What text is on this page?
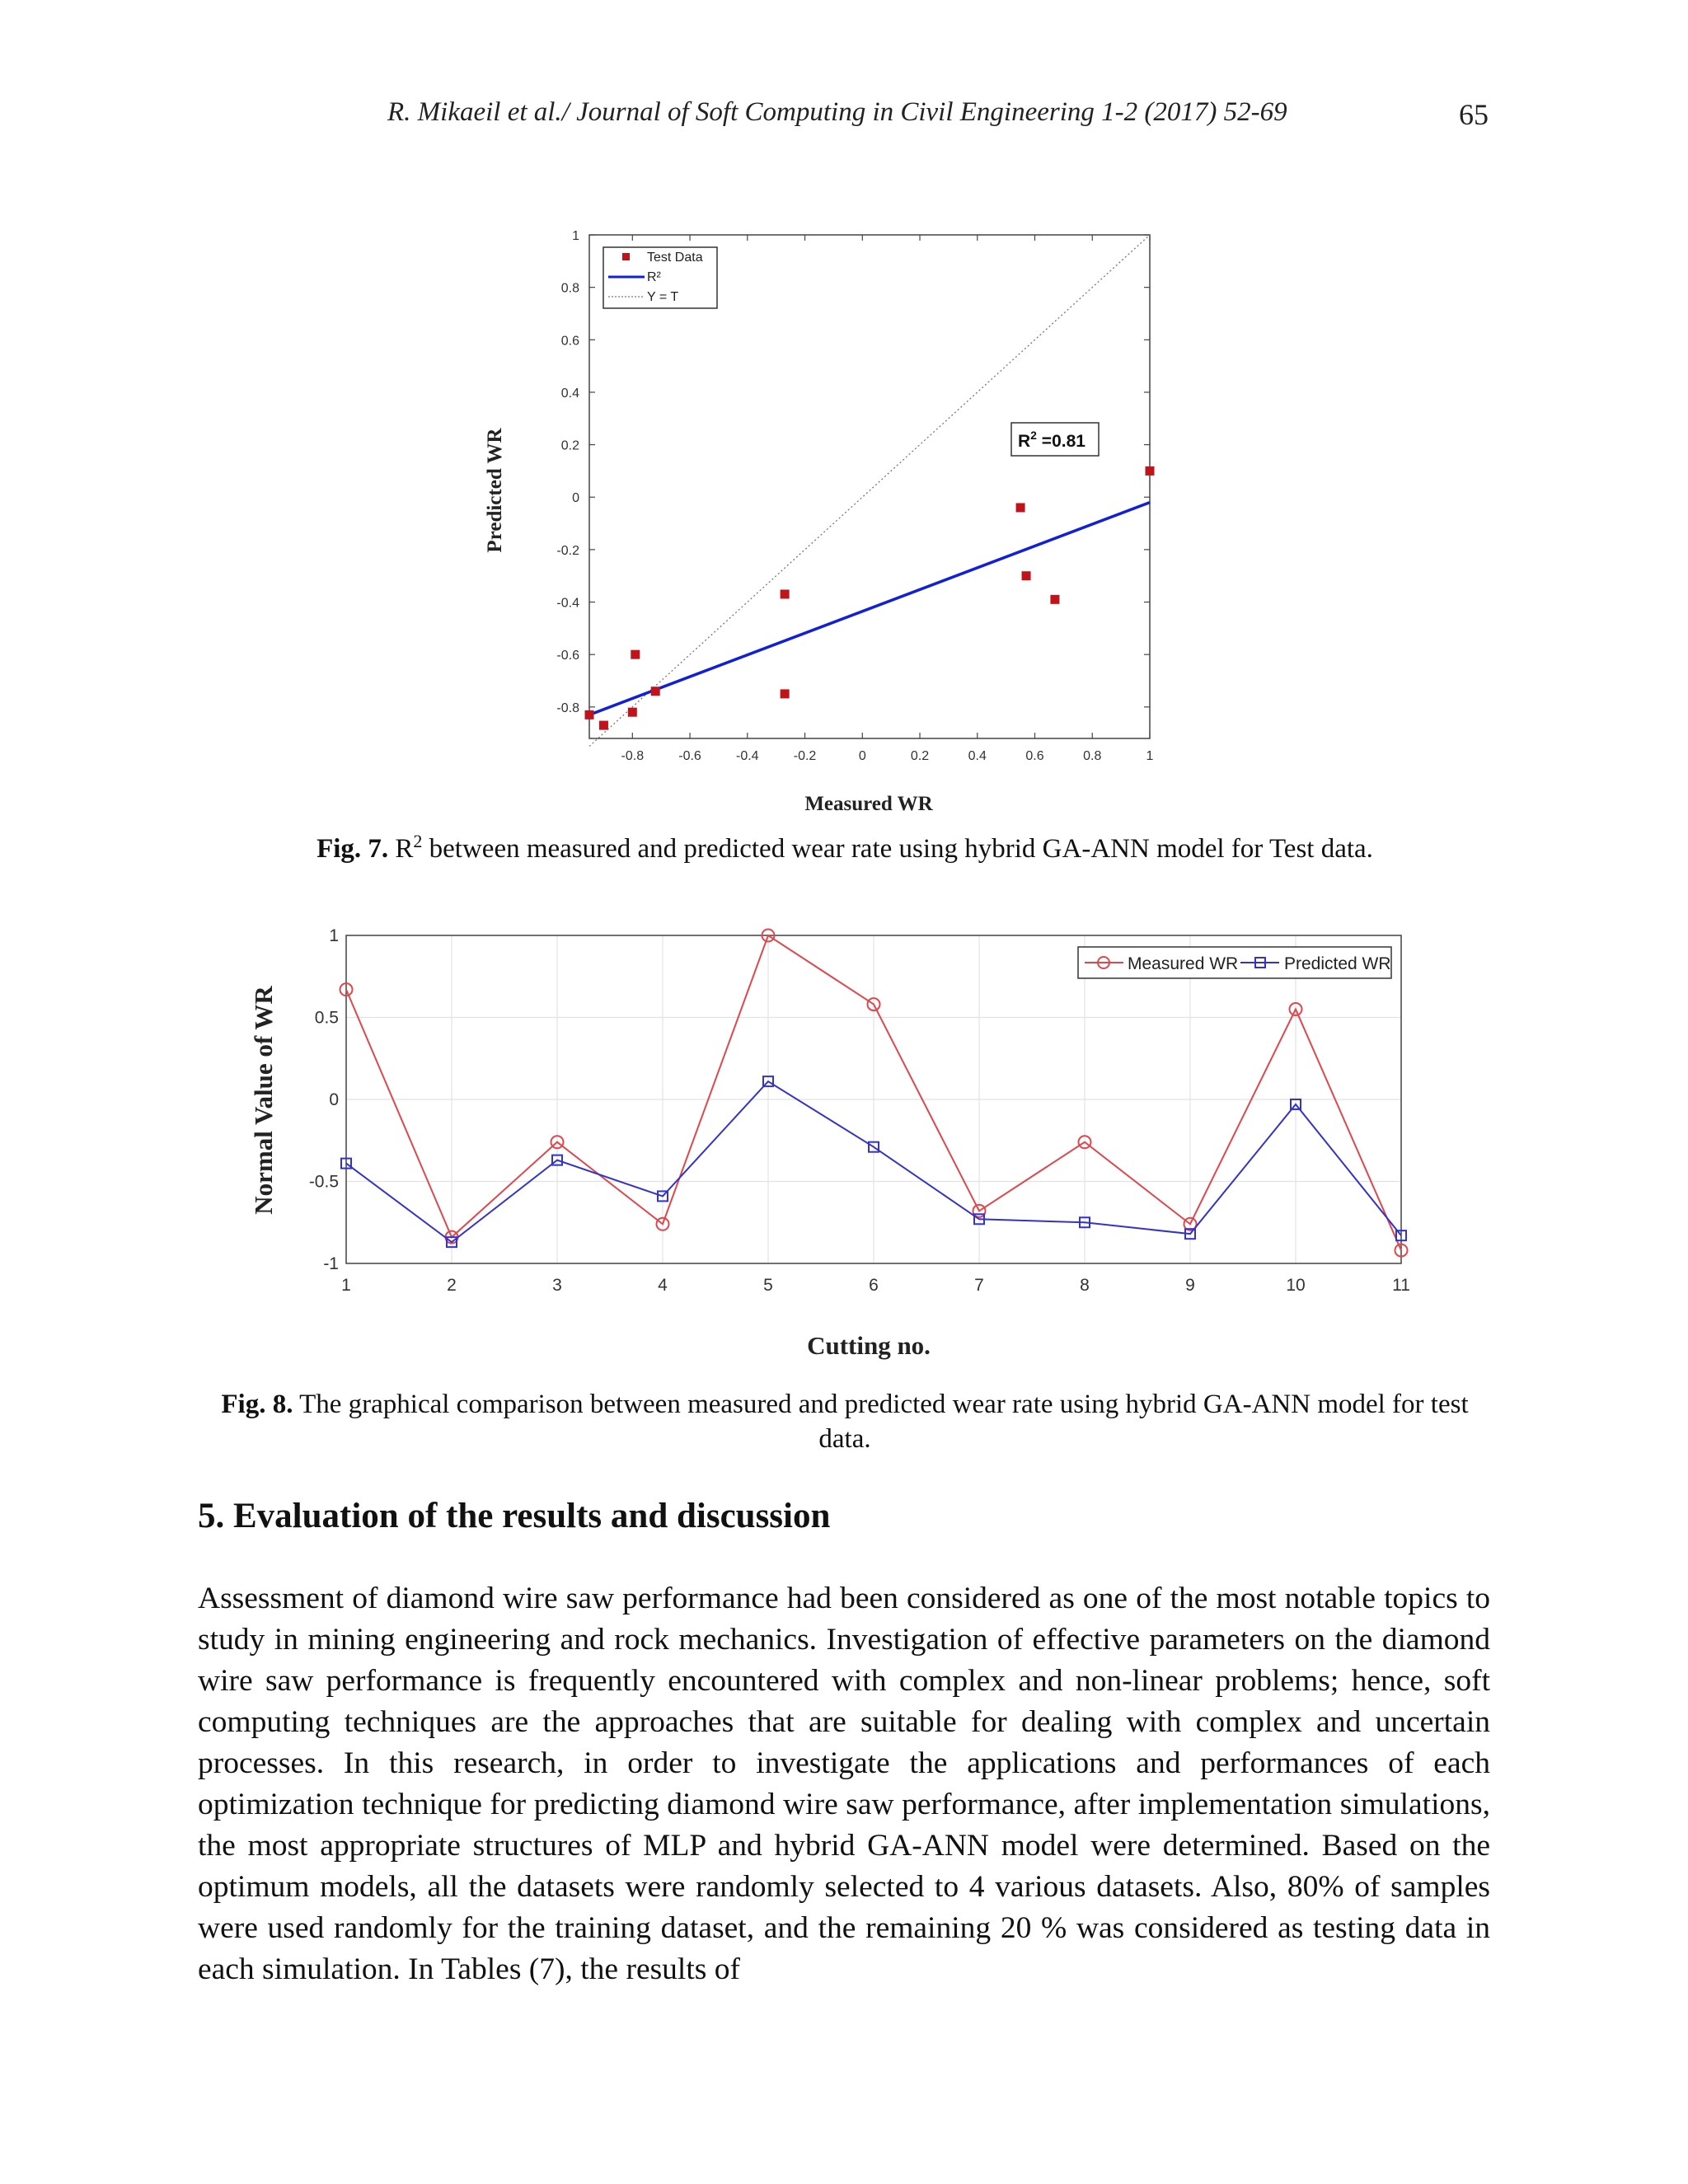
R. Mikaeil et al./ Journal of Soft Computing in Civil Engineering 1-2 (2017) 52-69	65
Predicted WR
Measured WR
-0.8	-0.6	-0.4	-0.2	0	0.2	0.4	0.6	0.8	1
-0.8
-0.6
-0.4
-0.2
0
0.2
0.4
0.6
0.8
1
Test Data
R²
Y = T
$R^2 =0.81$
Fig. 7. $R^2$ between measured and predicted wear rate using hybrid GA-ANN model for Test data.
Normal Value of WR
Cutting no.
1	2	3	4	5	6	7	8	9	10	11
1
0.5
0
-0.5
-1
Measured WR	Predicted WR
Fig. 8. The graphical comparison between measured and predicted wear rate using hybrid GA-ANN model for test data.
5. Evaluation of the results and discussion

Assessment of diamond wire saw performance had been considered as one of the most notable topics to study in mining engineering and rock mechanics. Investigation of effective parameters on the diamond wire saw performance is frequently encountered with complex and non-linear problems; hence, soft computing techniques are the approaches that are suitable for dealing with complex and uncertain processes. In this research, in order to investigate the applications and performances of each optimization technique for predicting diamond wire saw performance, after implementation simulations, the most appropriate structures of MLP and hybrid GA-ANN model were determined. Based on the optimum models, all the datasets were randomly selected to 4 various datasets. Also, 80% of samples were used randomly for the training dataset, and the remaining 20 % was considered as testing data in each simulation. In Tables (7), the results of
